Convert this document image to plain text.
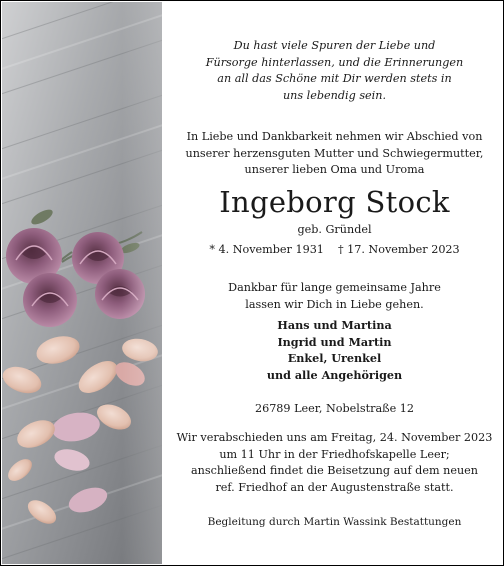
Du hast viele Spuren der Liebe und
Fürsorge hinterlassen, und die Erinnerungen
an all das Schöne mit Dir werden stets in
uns lebendig sein.
In Liebe und Dankbarkeit nehmen wir Abschied von
unserer herzensguten Mutter und Schwiegermutter,
unserer lieben Oma und Uroma
Ingeborg Stock
geb. Gründel
* 4. November 1931 † 17. November 2023
Dankbar für lange gemeinsame Jahre
lassen wir Dich in Liebe gehen.
Hans und Martina
Ingrid und Martin
Enkel, Urenkel
und alle Angehörigen
26789 Leer, Nobelstraße 12
Wir verabschieden uns am Freitag, 24. November 2023
um 11 Uhr in der Friedhofskapelle Leer;
anschließend findet die Beisetzung auf dem neuen
ref. Friedhof an der Augustenstraße statt.
Begleitung durch Martin Wassink Bestattungen
